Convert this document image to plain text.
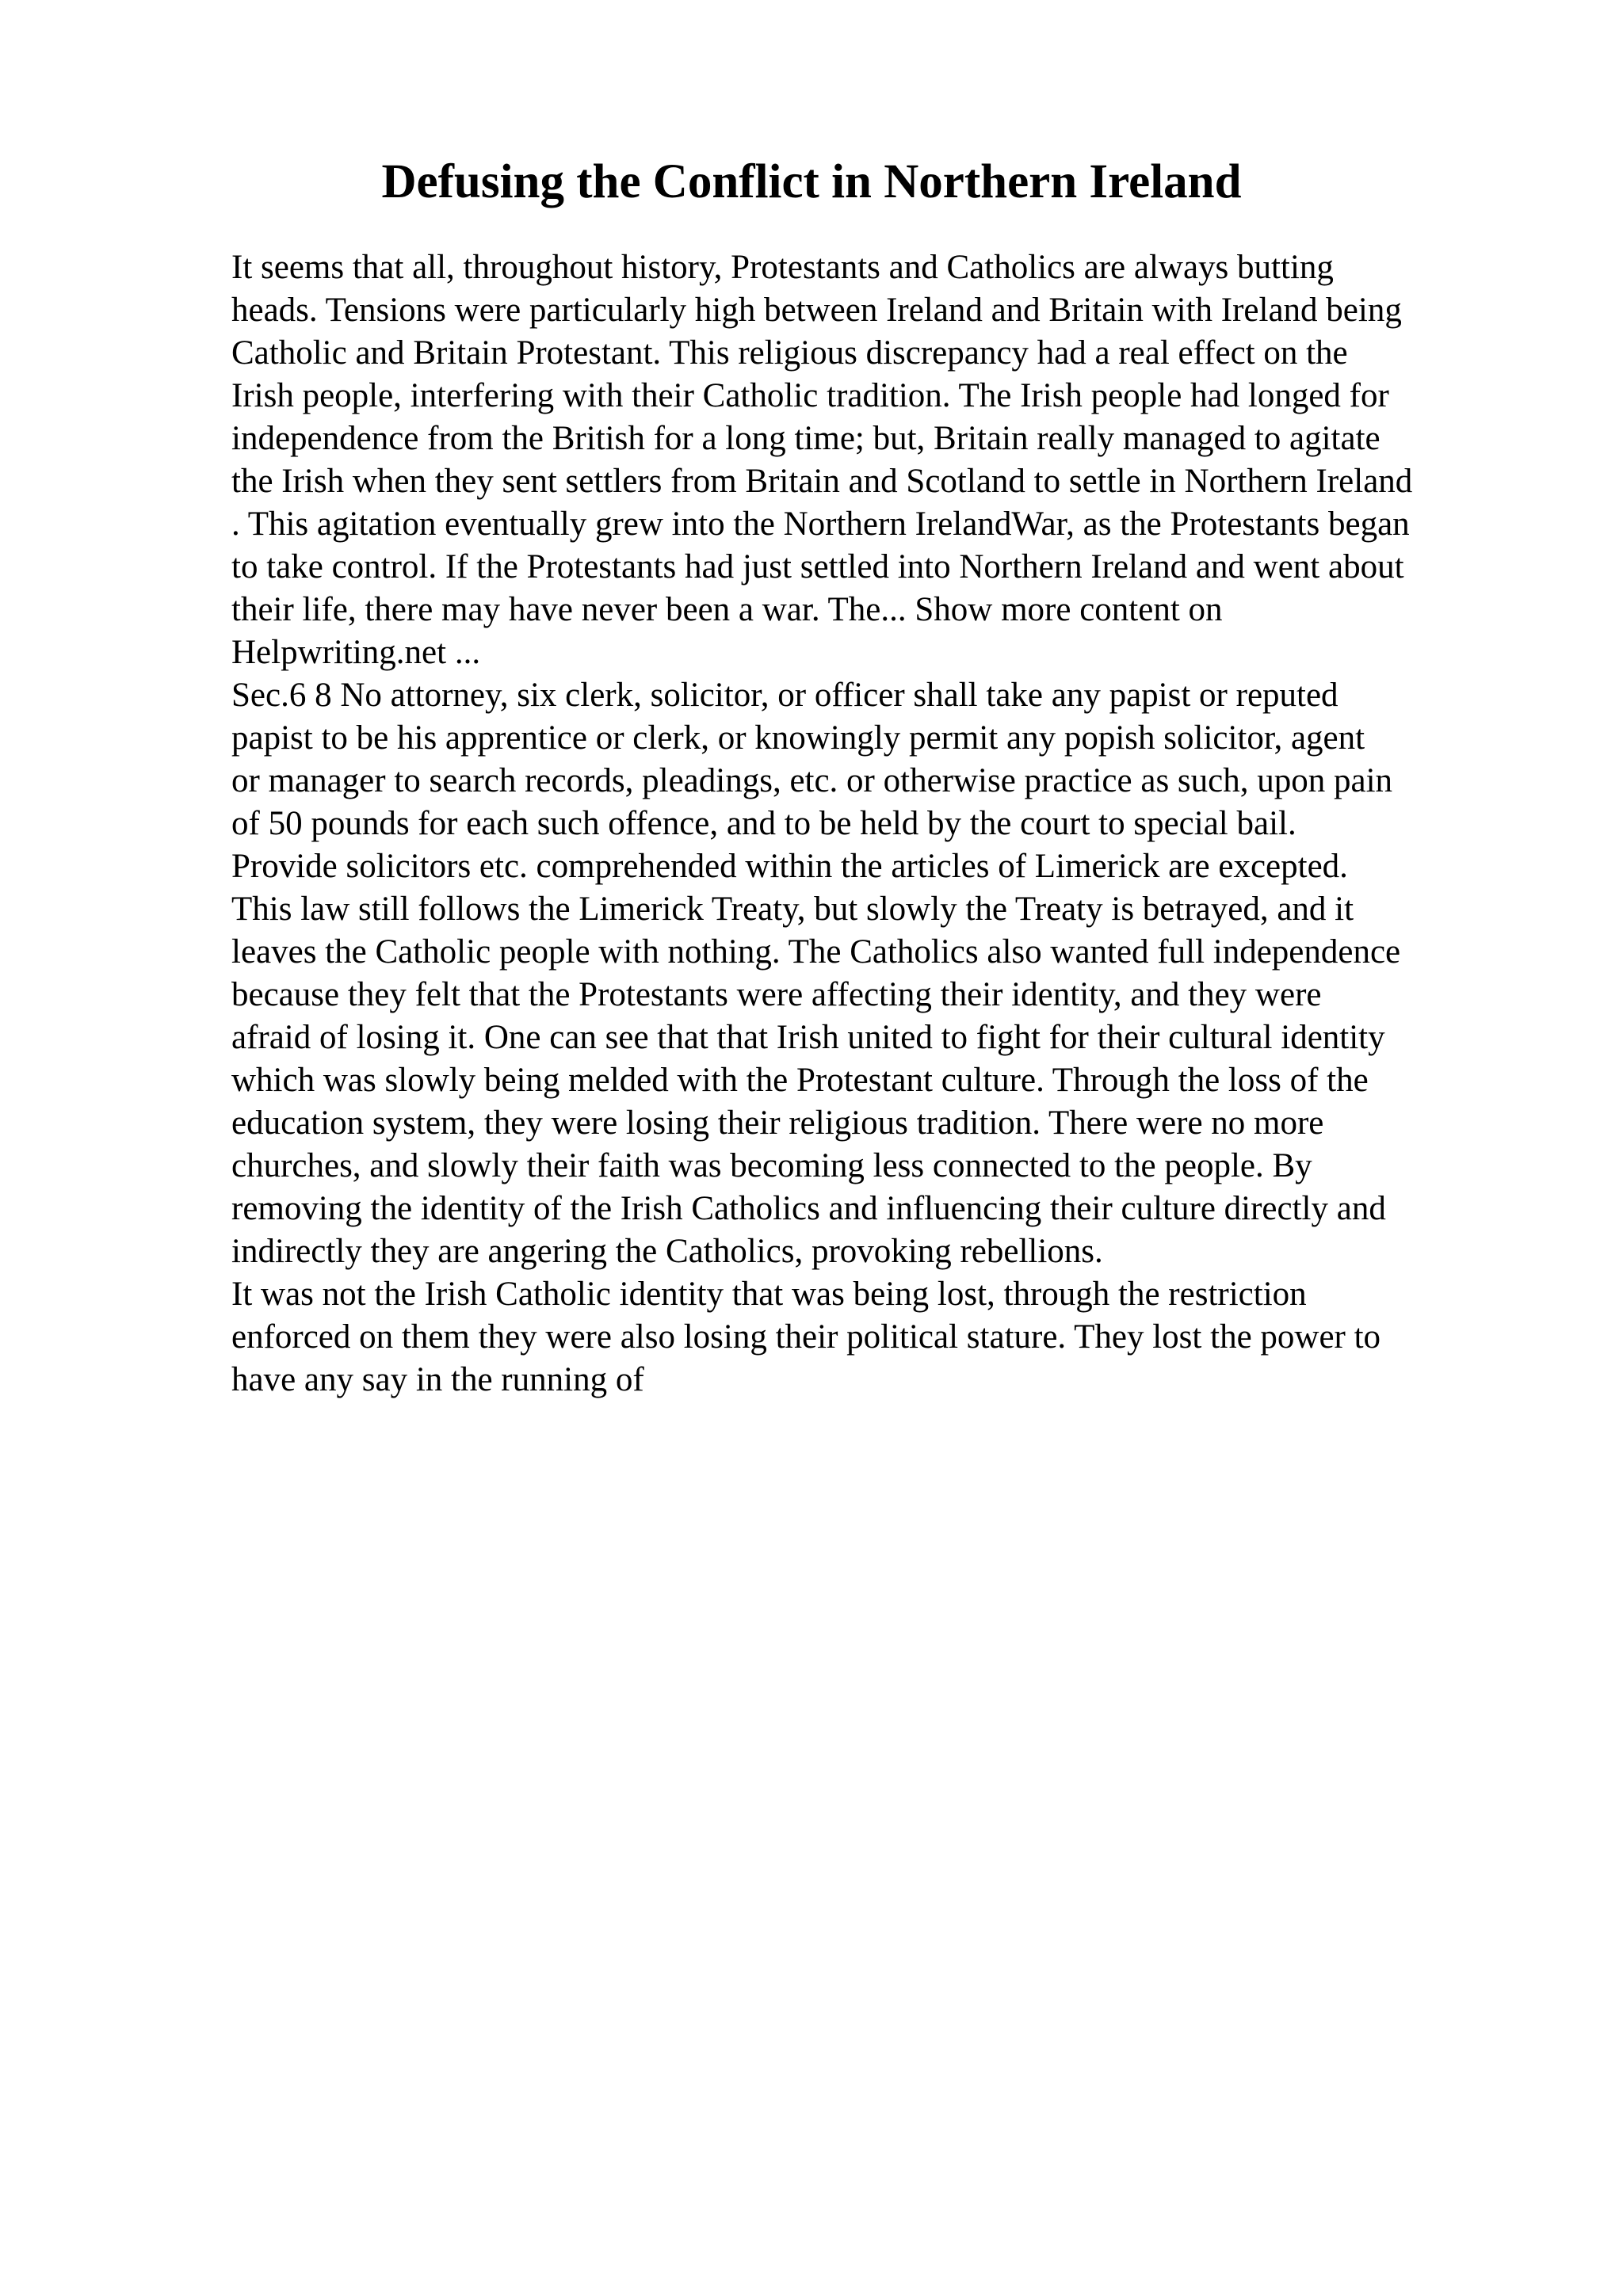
Defusing the Conflict in Northern Ireland

It seems that all, throughout history, Protestants and Catholics are always butting
heads. Tensions were particularly high between Ireland and Britain with Ireland being
Catholic and Britain Protestant. This religious discrepancy had a real effect on the
Irish people, interfering with their Catholic tradition. The Irish people had longed for
independence from the British for a long time; but, Britain really managed to agitate
the Irish when they sent settlers from Britain and Scotland to settle in Northern Ireland
. This agitation eventually grew into the Northern IrelandWar, as the Protestants began
to take control. If the Protestants had just settled into Northern Ireland and went about
their life, there may have never been a war. The... Show more content on
Helpwriting.net ...

Sec.6 8 No attorney, six clerk, solicitor, or officer shall take any papist or reputed
papist to be his apprentice or clerk, or knowingly permit any popish solicitor, agent
or manager to search records, pleadings, etc. or otherwise practice as such, upon pain
of 50 pounds for each such offence, and to be held by the court to special bail.
Provide solicitors etc. comprehended within the articles of Limerick are excepted.
This law still follows the Limerick Treaty, but slowly the Treaty is betrayed, and it
leaves the Catholic people with nothing. The Catholics also wanted full independence
because they felt that the Protestants were affecting their identity, and they were
afraid of losing it. One can see that that Irish united to fight for their cultural identity
which was slowly being melded with the Protestant culture. Through the loss of the
education system, they were losing their religious tradition. There were no more
churches, and slowly their faith was becoming less connected to the people. By
removing the identity of the Irish Catholics and influencing their culture directly and
indirectly they are angering the Catholics, provoking rebellions.

It was not the Irish Catholic identity that was being lost, through the restriction
enforced on them they were also losing their political stature. They lost the power to
have any say in the running of
